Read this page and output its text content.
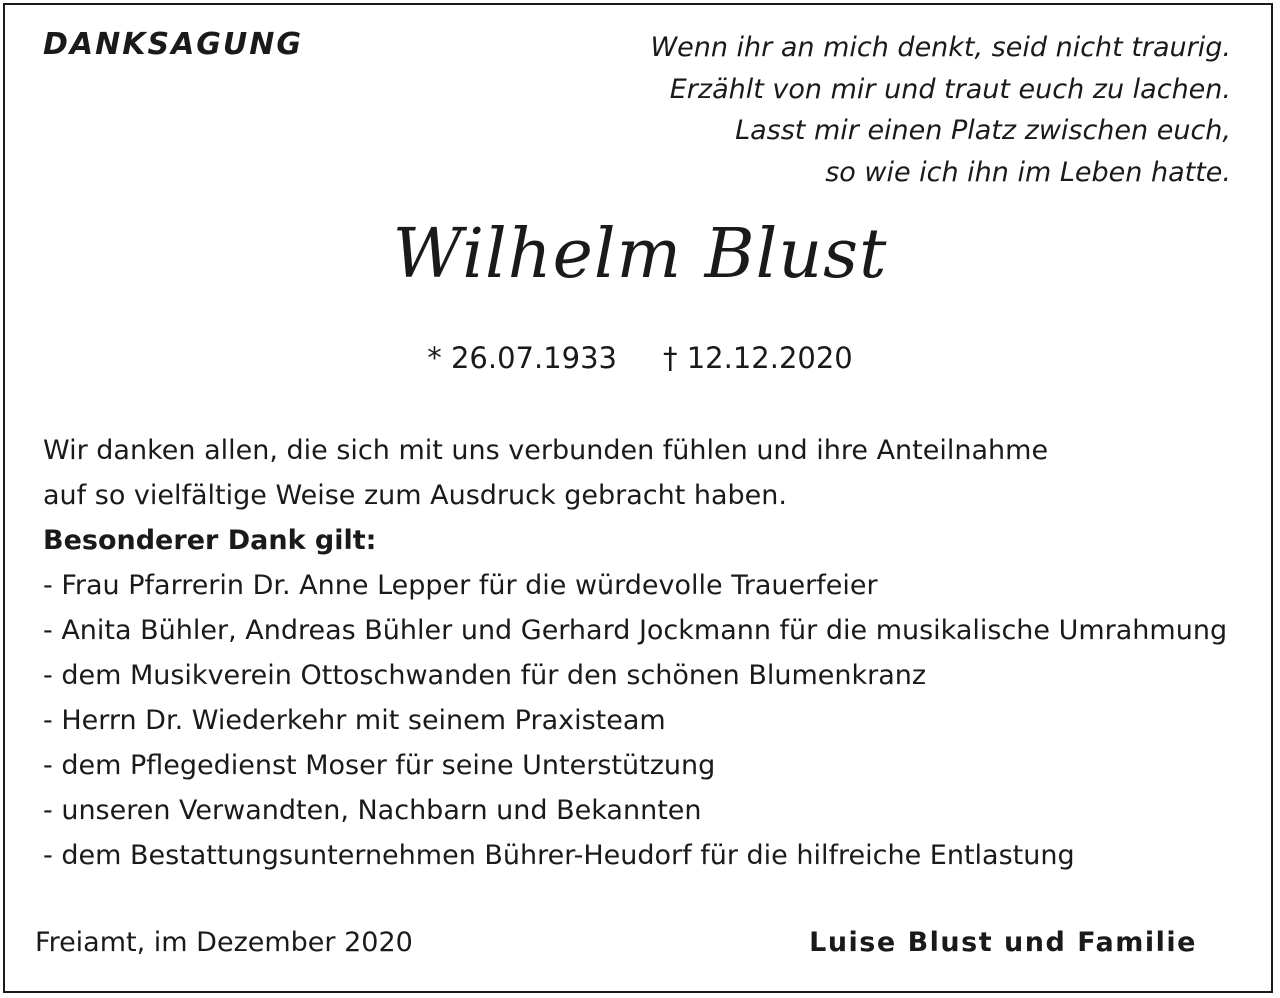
DANKSAGUNG	Wenn ihr an mich denkt, seid nicht traurig.
Erzählt von mir und traut euch zu lachen.
Lasst mir einen Platz zwischen euch,
so wie ich ihn im Leben hatte.
Wilhelm Blust
* 26.07.1933 † 12.12.2020
Wir danken allen, die sich mit uns verbunden fühlen und ihre Anteilnahme
auf so vielfältige Weise zum Ausdruck gebracht haben.
Besonderer Dank gilt:
- Frau Pfarrerin Dr. Anne Lepper für die würdevolle Trauerfeier
- Anita Bühler, Andreas Bühler und Gerhard Jockmann für die musikalische Umrahmung
- dem Musikverein Ottoschwanden für den schönen Blumenkranz
- Herrn Dr. Wiederkehr mit seinem Praxisteam
- dem Pflegedienst Moser für seine Unterstützung
- unseren Verwandten, Nachbarn und Bekannten
- dem Bestattungsunternehmen Bührer-Heudorf für die hilfreiche Entlastung
Freiamt, im Dezember 2020	Luise Blust und Familie
